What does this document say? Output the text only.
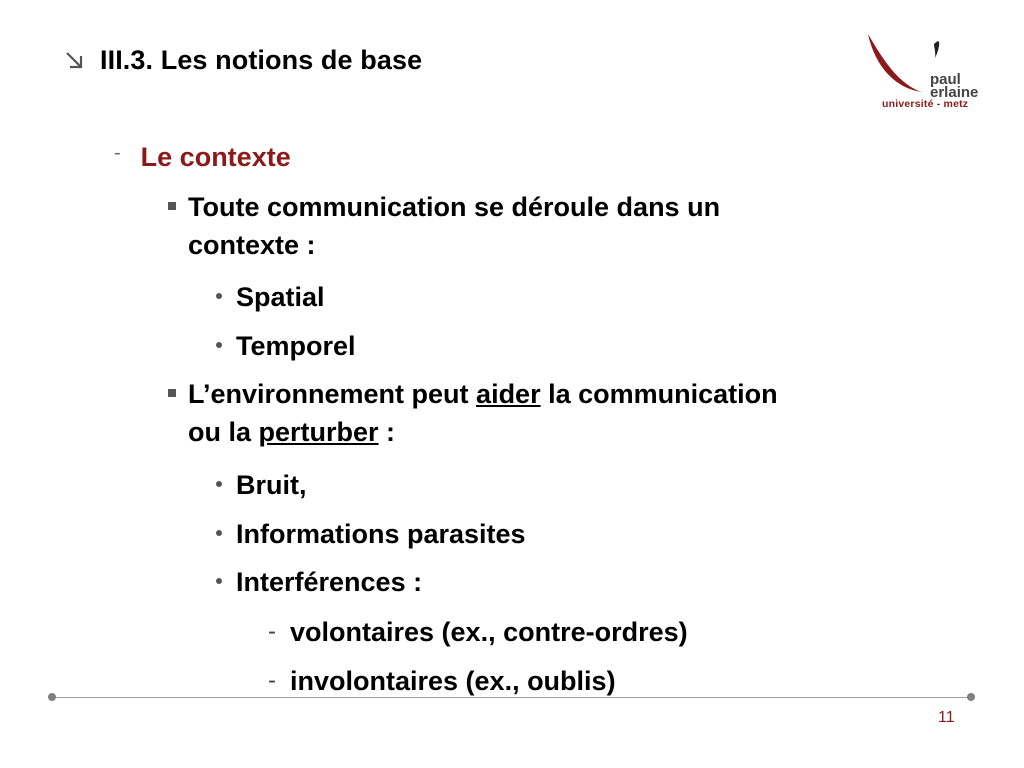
III.3. Les notions de base
paul
erlaine
université - metz
- Le contexte
Toute communication se déroule dans un
contexte :
Spatial
Temporel
L’environnement peut aider la communication
ou la perturber :
Bruit,
Informations parasites
Interférences :
- volontaires (ex., contre-ordres)
- involontaires (ex., oublis)
11
